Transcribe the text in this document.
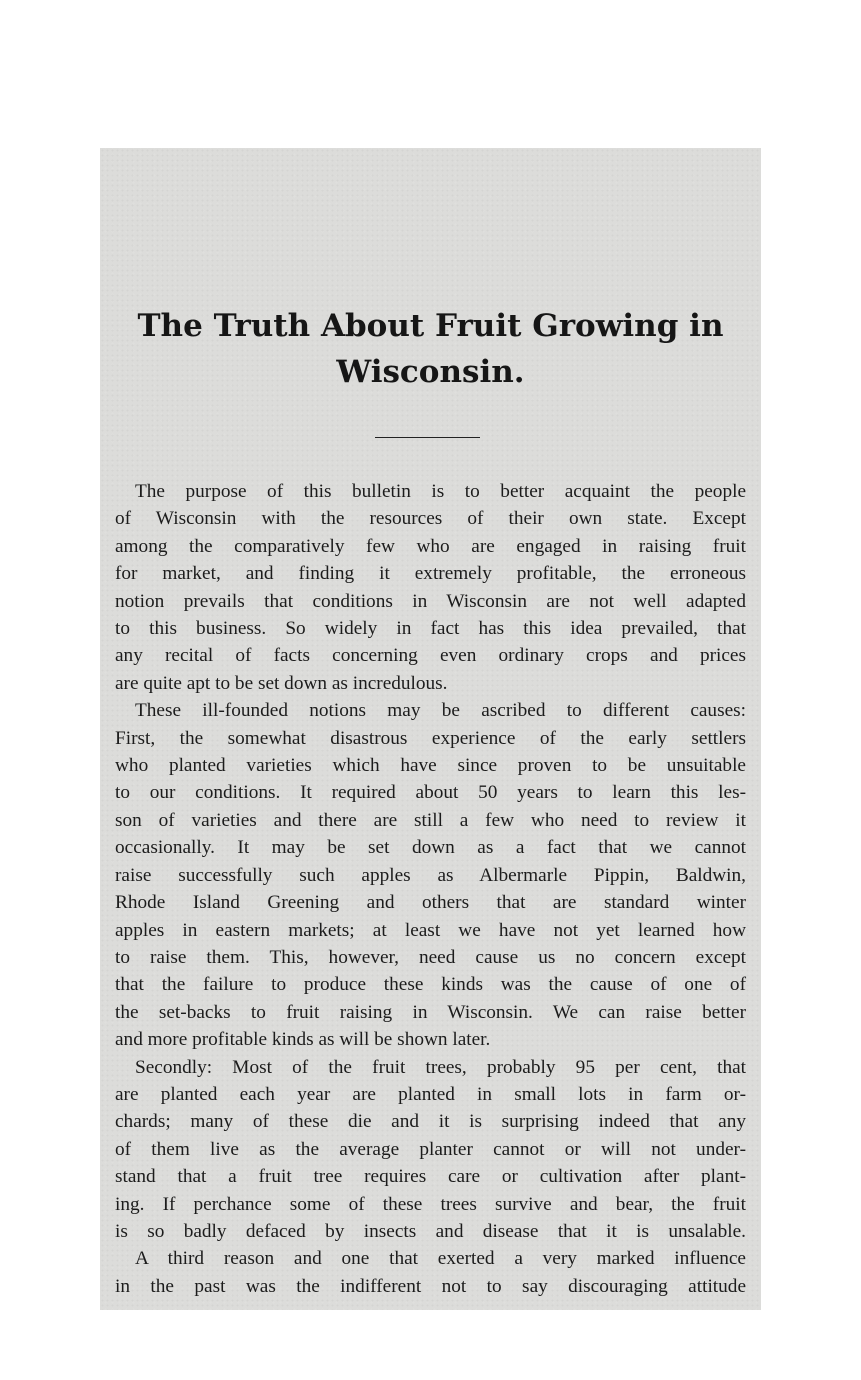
The Truth About Fruit Growing in
Wisconsin.
The purpose of this bulletin is to better acquaint the people
of Wisconsin with the resources of their own state. Except
among the comparatively few who are engaged in raising fruit
for market, and finding it extremely profitable, the erroneous
notion prevails that conditions in Wisconsin are not well adapted
to this business. So widely in fact has this idea prevailed, that
any recital of facts concerning even ordinary crops and prices
are quite apt to be set down as incredulous.
These ill-founded notions may be ascribed to different causes:
First, the somewhat disastrous experience of the early settlers
who planted varieties which have since proven to be unsuitable
to our conditions. It required about 50 years to learn this les-
son of varieties and there are still a few who need to review it
occasionally. It may be set down as a fact that we cannot
raise successfully such apples as Albermarle Pippin, Baldwin,
Rhode Island Greening and others that are standard winter
apples in eastern markets; at least we have not yet learned how
to raise them. This, however, need cause us no concern except
that the failure to produce these kinds was the cause of one of
the set-backs to fruit raising in Wisconsin. We can raise better
and more profitable kinds as will be shown later.
Secondly: Most of the fruit trees, probably 95 per cent, that
are planted each year are planted in small lots in farm or-
chards; many of these die and it is surprising indeed that any
of them live as the average planter cannot or will not under-
stand that a fruit tree requires care or cultivation after plant-
ing. If perchance some of these trees survive and bear, the fruit
is so badly defaced by insects and disease that it is unsalable.
A third reason and one that exerted a very marked influence
in the past was the indifferent not to say discouraging attitude
